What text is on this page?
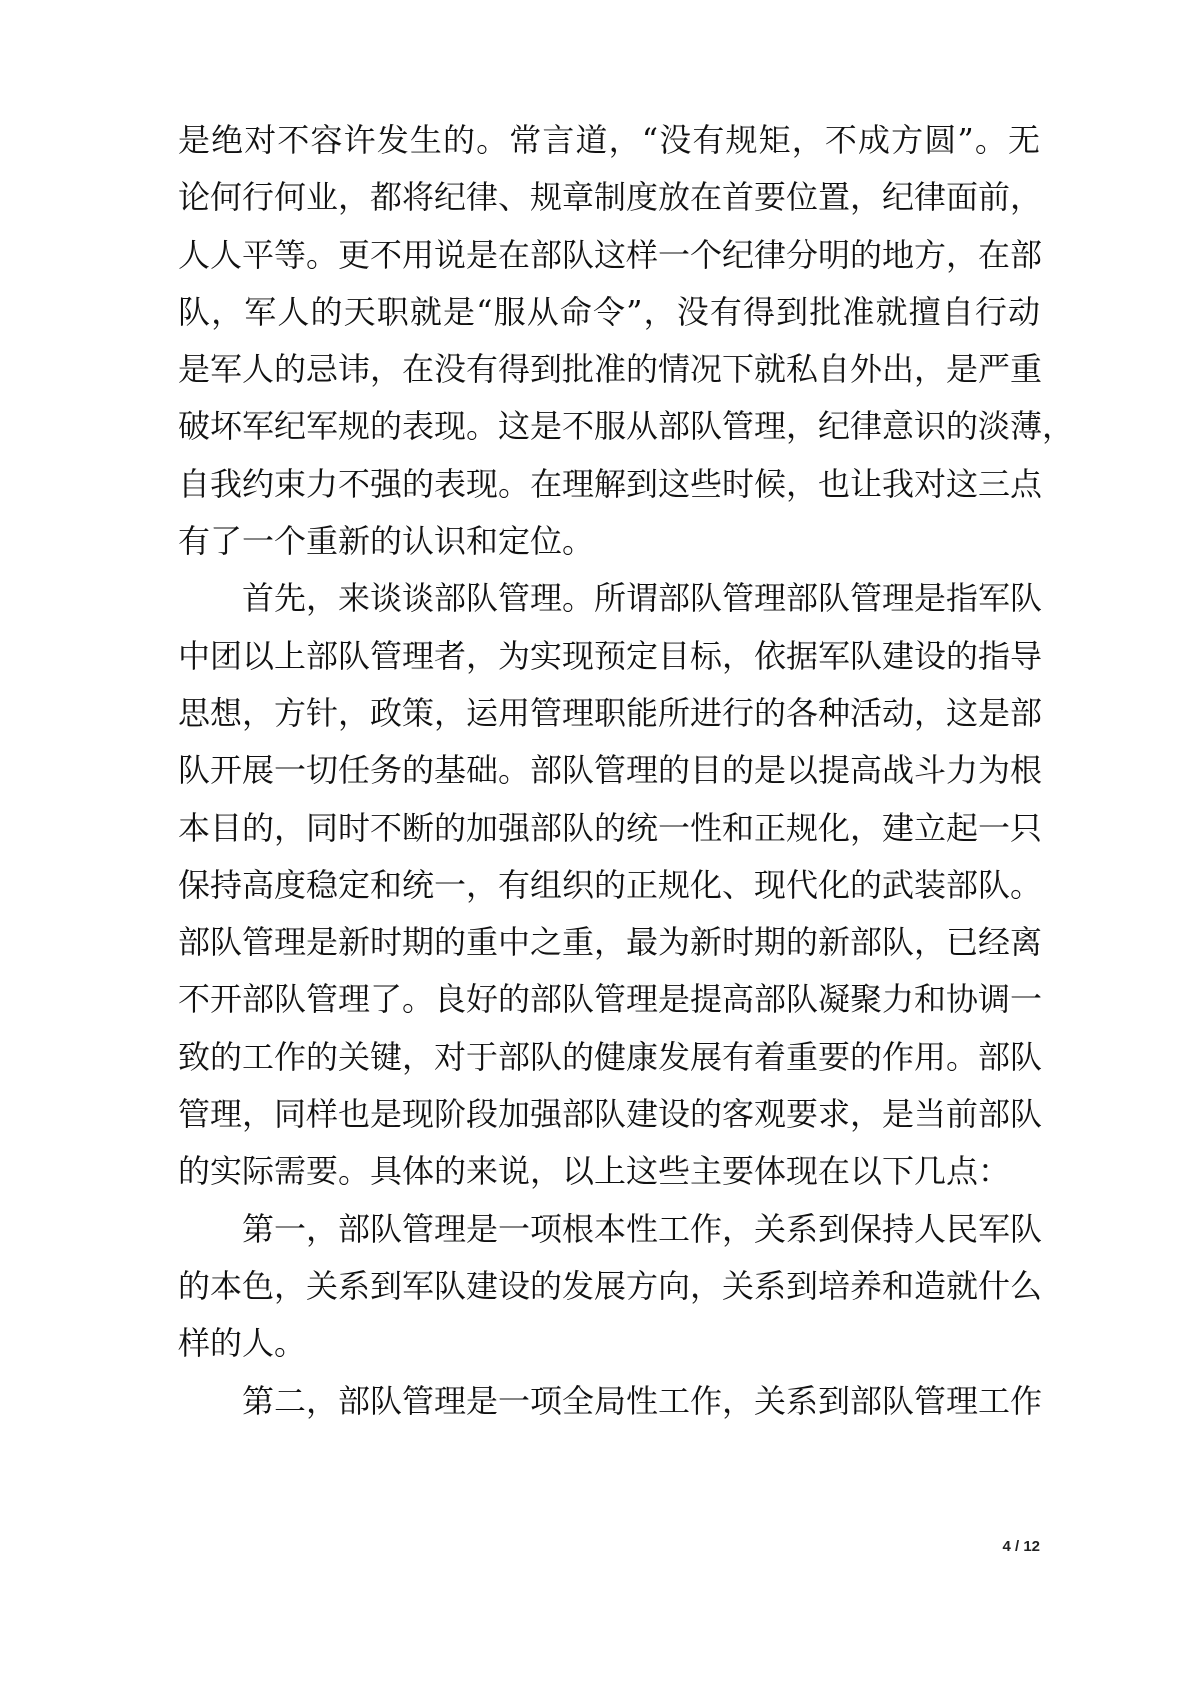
是绝对不容许发生的。常言道，“没有规矩，不成方圆”。无
论何行何业，都将纪律、规章制度放在首要位置，纪律面前，
人人平等。更不用说是在部队这样一个纪律分明的地方，在部
队，军人的天职就是“服从命令”，没有得到批准就擅自行动
是军人的忌讳，在没有得到批准的情况下就私自外出，是严重
破坏军纪军规的表现。这是不服从部队管理，纪律意识的淡薄，
自我约束力不强的表现。在理解到这些时候，也让我对这三点
有了一个重新的认识和定位。
首先，来谈谈部队管理。所谓部队管理部队管理是指军队
中团以上部队管理者，为实现预定目标，依据军队建设的指导
思想，方针，政策，运用管理职能所进行的各种活动，这是部
队开展一切任务的基础。部队管理的目的是以提高战斗力为根
本目的，同时不断的加强部队的统一性和正规化，建立起一只
保持高度稳定和统一，有组织的正规化、现代化的武装部队。
部队管理是新时期的重中之重，最为新时期的新部队，已经离
不开部队管理了。良好的部队管理是提高部队凝聚力和协调一
致的工作的关键，对于部队的健康发展有着重要的作用。部队
管理，同样也是现阶段加强部队建设的客观要求，是当前部队
的实际需要。具体的来说，以上这些主要体现在以下几点：
第一，部队管理是一项根本性工作，关系到保持人民军队
的本色，关系到军队建设的发展方向，关系到培养和造就什么
样的人。
第二，部队管理是一项全局性工作，关系到部队管理工作
4 / 12
